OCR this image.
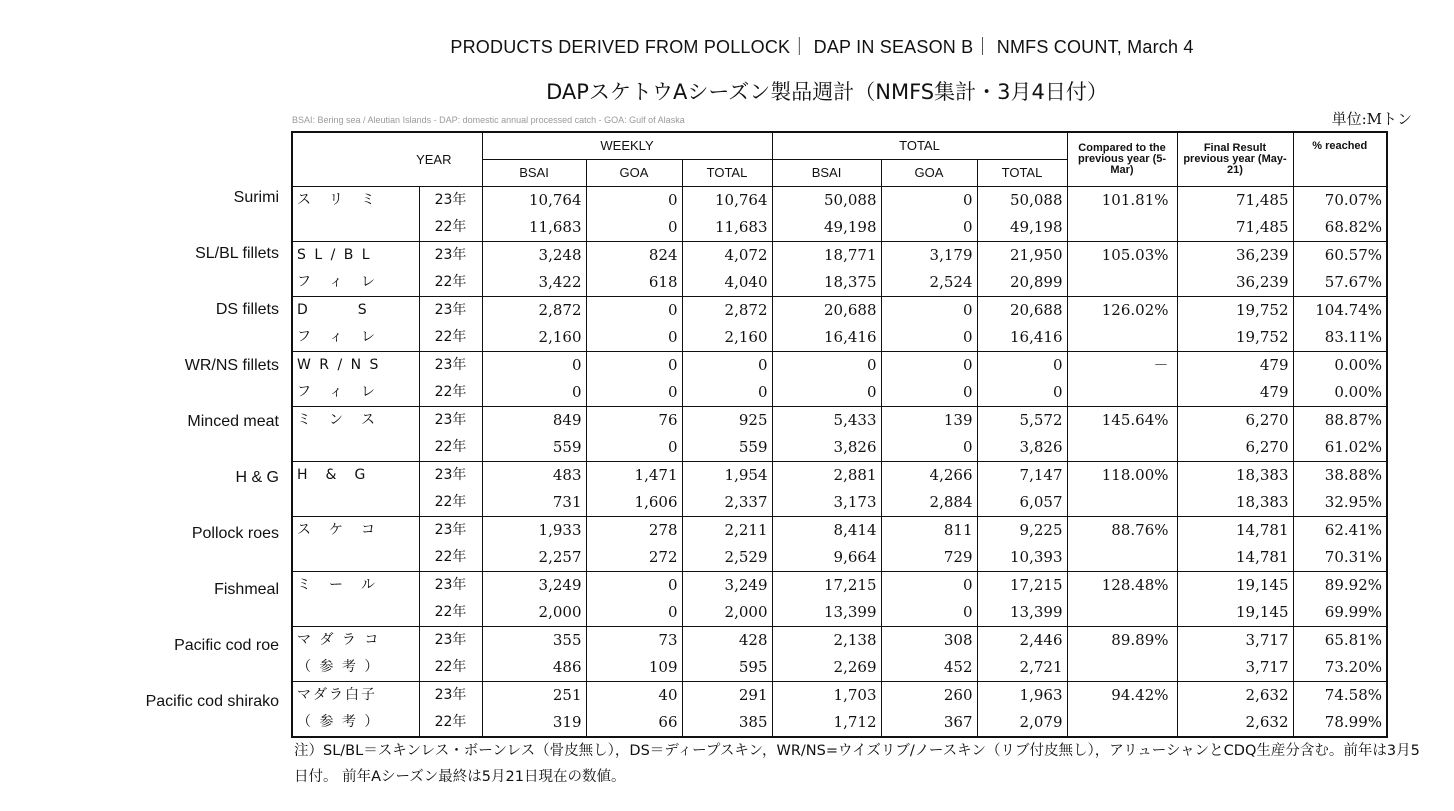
PRODUCTS DERIVED FROM POLLOCK｜ DAP IN SEASON B｜ NMFS COUNT, March 4
DAPスケトウAシーズン製品週計（NMFS集計・3月4日付）
BSAI: Bering sea / Aleutian Islands - DAP: domestic annual processed catch - GOA: Gulf of Alaska	単位:Mトン
Surimi
SL/BL fillets
DS fillets
WR/NS fillets
Minced meat
H & G
Pollock roes
Fishmeal
Pacific cod roe
Pacific cod shirako
YEAR		WEEKLY			TOTAL			Compared to the previous year (5-Mar)	Final Result previous year (May-21)	% reached
		BSAI	GOA	TOTAL	BSAI	GOA	TOTAL			
ス　リ　ミ	23年	10,764	0	10,764	50,088	0	50,088	101.81%	71,485	70.07%
	22年	11,683	0	11,683	49,198	0	49,198		71,485	68.82%
S L / B L	23年	3,248	824	4,072	18,771	3,179	21,950	105.03%	36,239	60.57%
フ　ィ　レ	22年	3,422	618	4,040	18,375	2,524	20,899		36,239	57.67%
D　　　S	23年	2,872	0	2,872	20,688	0	20,688	126.02%	19,752	104.74%
フ　ィ　レ	22年	2,160	0	2,160	16,416	0	16,416		19,752	83.11%
W R / N S	23年	0	0	0	0	0	0	－	479	0.00%
フ　ィ　レ	22年	0	0	0	0	0	0		479	0.00%
ミ　ン　ス	23年	849	76	925	5,433	139	5,572	145.64%	6,270	88.87%
	22年	559	0	559	3,826	0	3,826		6,270	61.02%
H　&　G	23年	483	1,471	1,954	2,881	4,266	7,147	118.00%	18,383	38.88%
	22年	731	1,606	2,337	3,173	2,884	6,057		18,383	32.95%
ス　ケ　コ	23年	1,933	278	2,211	8,414	811	9,225	88.76%	14,781	62.41%
	22年	2,257	272	2,529	9,664	729	10,393		14,781	70.31%
ミ　ー　ル	23年	3,249	0	3,249	17,215	0	17,215	128.48%	19,145	89.92%
	22年	2,000	0	2,000	13,399	0	13,399		19,145	69.99%
マ ダ ラ コ	23年	355	73	428	2,138	308	2,446	89.89%	3,717	65.81%
（ 参 考 ）	22年	486	109	595	2,269	452	2,721		3,717	73.20%
マダラ白子	23年	251	40	291	1,703	260	1,963	94.42%	2,632	74.58%
（ 参 考 ）	22年	319	66	385	1,712	367	2,079		2,632	78.99%
注）SL/BL＝スキンレス・ボーンレス（骨皮無し），DS＝ディープスキン，WR/NS=ウイズリブ/ノースキン（リブ付皮無し），アリューシャンとCDQ生産分含む。前年は3月5日付。 前年Aシーズン最終は5月21日現在の数値。
